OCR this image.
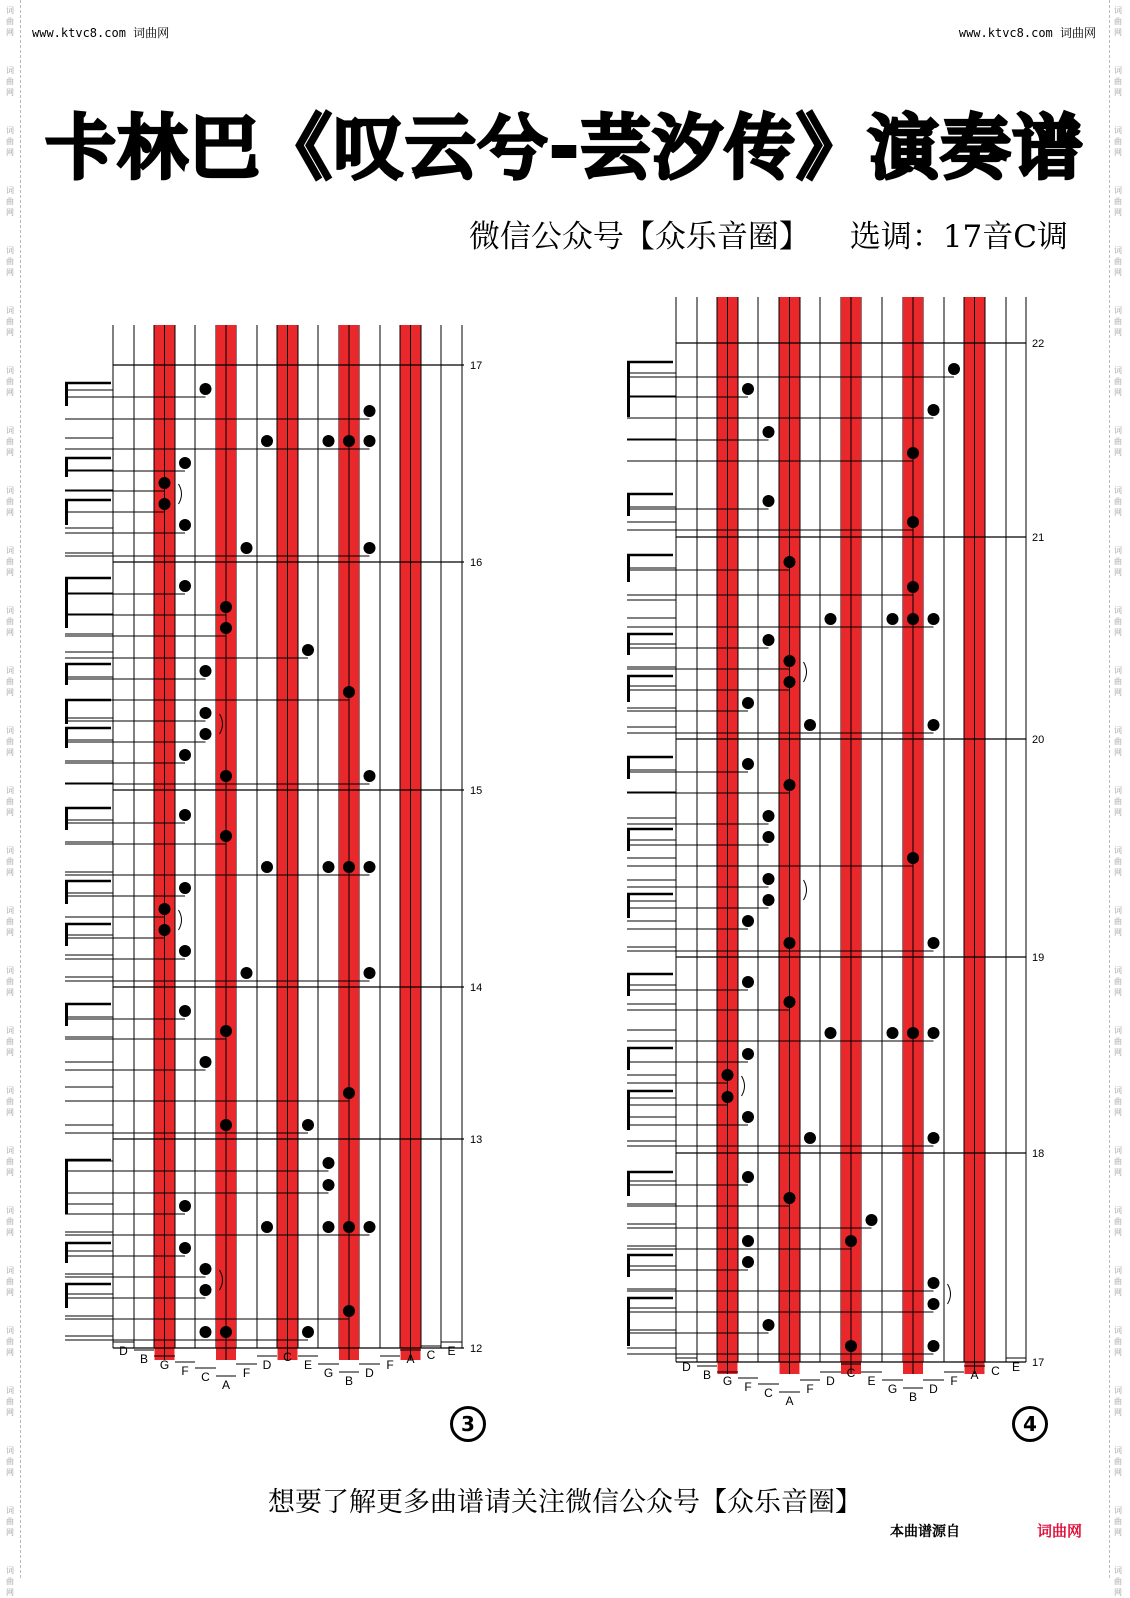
词
曲
网
词
曲
网
词
曲
网
词
曲
网
词
曲
网
词
曲
网
词
曲
网
词
曲
网
词
曲
网
词
曲
网
词
曲
网
词
曲
网
词
曲
网
词
曲
网
词
曲
网
词
曲
网
词
曲
网
词
曲
网
词
曲
网
词
曲
网
词
曲
网
词
曲
网
词
曲
网
词
曲
网
词
曲
网
词
曲
网
词
曲
网
词
曲
网
词
曲
网
词
曲
网
词
曲
网
词
曲
网
词
曲
网
词
曲
网
词
曲
网
词
曲
网
词
曲
网
词
曲
网
词
曲
网
词
曲
网
词
曲
网
词
曲
网
词
曲
网
词
曲
网
词
曲
网
词
曲
网
词
曲
网
词
曲
网
词
曲
网
词
曲
网
词
曲
网
词
曲
网
词
曲
网
词
曲
网
www.ktvc8.com 词曲网	www.ktvc8.com 词曲网
卡林巴《叹云兮-芸汐传》演奏谱
微信公众号【众乐音圈】 选调：17音C调
17
16
15
14
13
12
D
B G F C
A
F
D
C
E
G
B
D
F A C E
22
21
20
19
18
17
D
B G F C
A
F
D
C
E
G
B
D
F A C E
3	4
想要了解更多曲谱请关注微信公众号【众乐音圈】
本曲谱源自	词曲网
